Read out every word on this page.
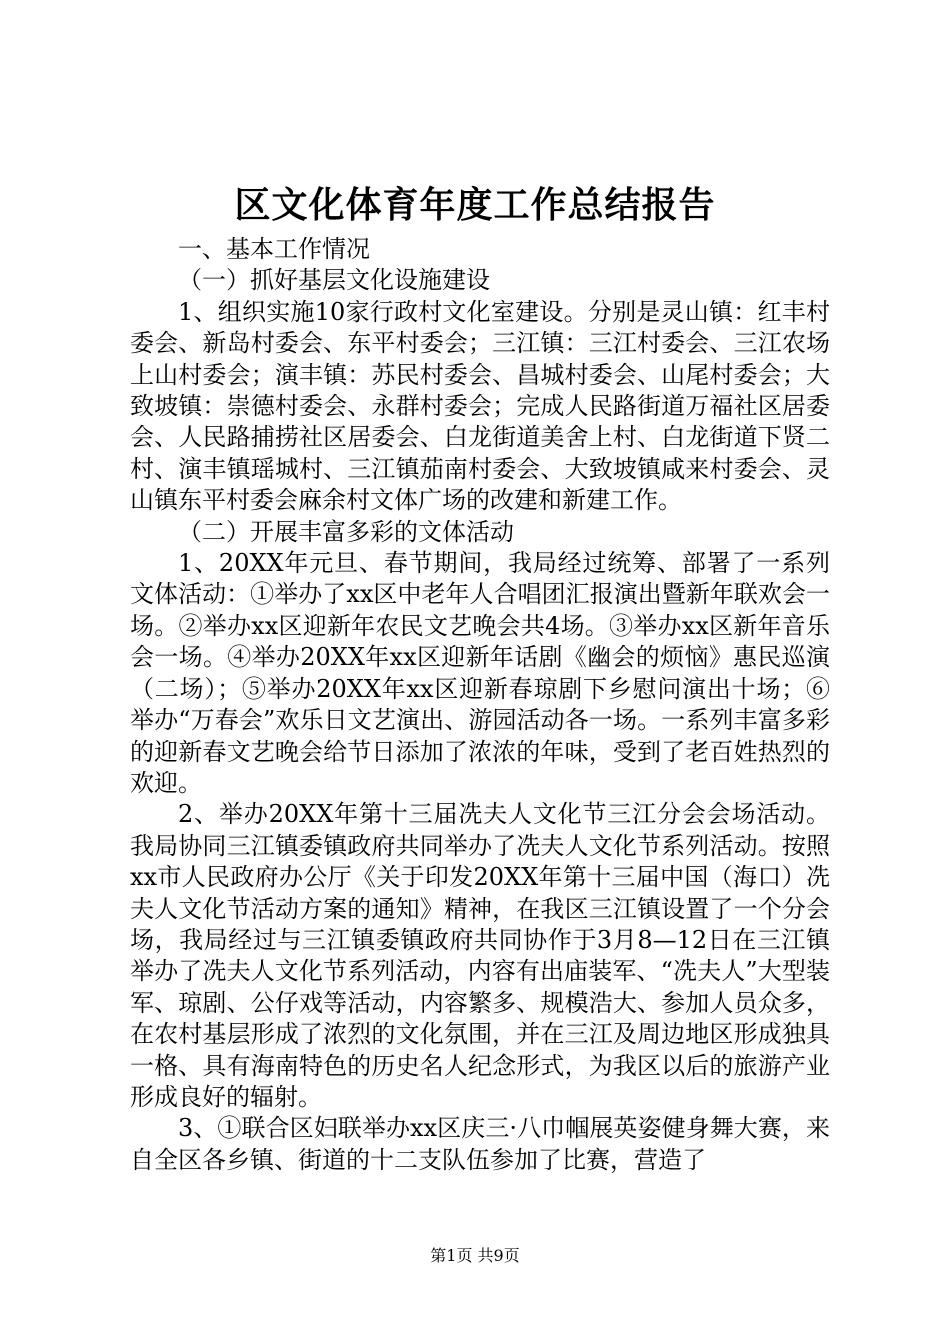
区文化体育年度工作总结报告

一、基本工作情况

（一）抓好基层文化设施建设

1、组织实施10家行政村文化室建设。分别是灵山镇：红丰村委会、新岛村委会、东平村委会；三江镇：三江村委会、三江农场上山村委会；演丰镇：苏民村委会、昌城村委会、山尾村委会；大致坡镇：崇德村委会、永群村委会；完成人民路街道万福社区居委会、人民路捕捞社区居委会、白龙街道美舍上村、白龙街道下贤二村、演丰镇瑶城村、三江镇茄南村委会、大致坡镇咸来村委会、灵山镇东平村委会麻余村文体广场的改建和新建工作。

（二）开展丰富多彩的文体活动

1、20XX年元旦、春节期间，我局经过统筹、部署了一系列文体活动：①举办了xx区中老年人合唱团汇报演出暨新年联欢会一场。②举办xx区迎新年农民文艺晚会共4场。③举办xx区新年音乐会一场。④举办20XX年xx区迎新年话剧《幽会的烦恼》惠民巡演（二场）；⑤举办20XX年xx区迎新春琼剧下乡慰问演出十场；⑥举办“万春会”欢乐日文艺演出、游园活动各一场。一系列丰富多彩的迎新春文艺晚会给节日添加了浓浓的年味，受到了老百姓热烈的欢迎。

2、举办20XX年第十三届冼夫人文化节三江分会会场活动。我局协同三江镇委镇政府共同举办了冼夫人文化节系列活动。按照xx市人民政府办公厅《关于印发20XX年第十三届中国（海口）冼夫人文化节活动方案的通知》精神，在我区三江镇设置了一个分会场，我局经过与三江镇委镇政府共同协作于3月8—12日在三江镇举办了冼夫人文化节系列活动，内容有出庙装军、“冼夫人”大型装军、琼剧、公仔戏等活动，内容繁多、规模浩大、参加人员众多，在农村基层形成了浓烈的文化氛围，并在三江及周边地区形成独具一格、具有海南特色的历史名人纪念形式，为我区以后的旅游产业形成良好的辐射。

3、①联合区妇联举办xx区庆三·八巾帼展英姿健身舞大赛，来自全区各乡镇、街道的十二支队伍参加了比赛，营造了

第1页 共9页
